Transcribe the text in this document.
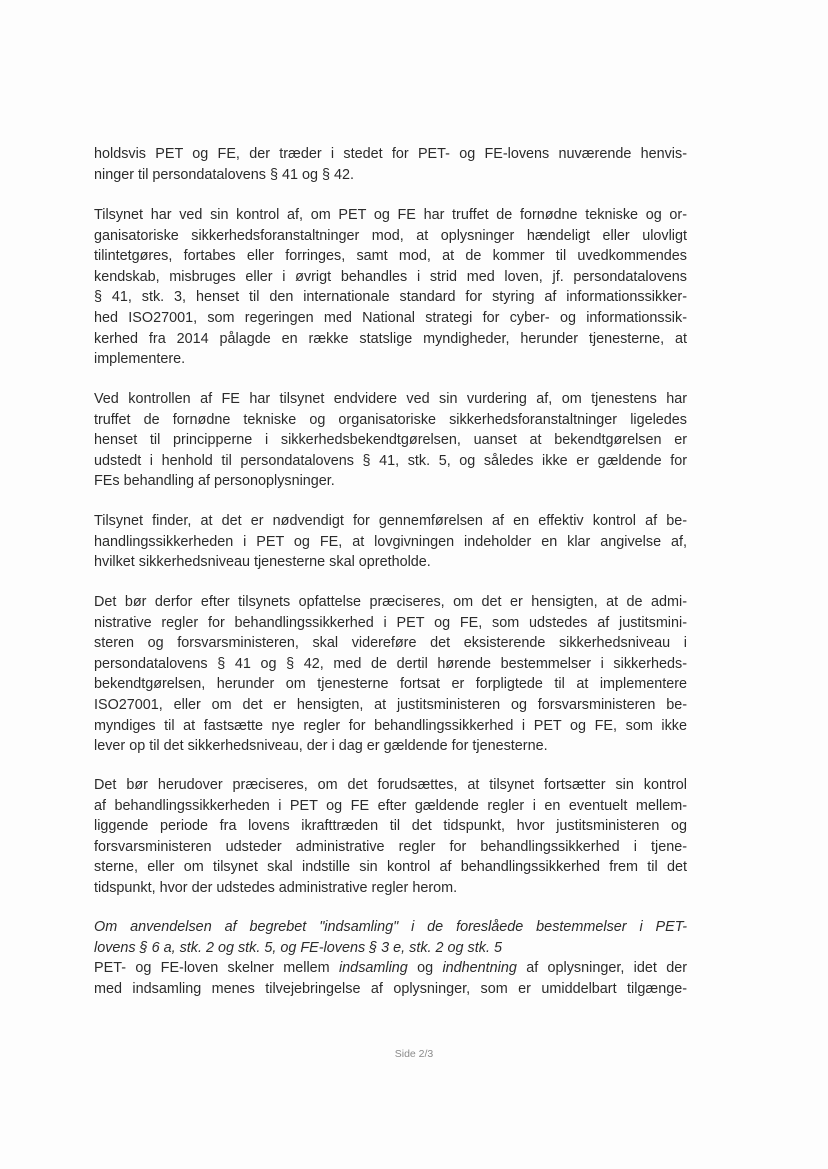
holdsvis PET og FE, der træder i stedet for PET- og FE-lovens nuværende henvis-
ninger til persondatalovens § 41 og § 42.

Tilsynet har ved sin kontrol af, om PET og FE har truffet de fornødne tekniske og or-
ganisatoriske sikkerhedsforanstaltninger mod, at oplysninger hændeligt eller ulovligt
tilintetgøres, fortabes eller forringes, samt mod, at de kommer til uvedkommendes
kendskab, misbruges eller i øvrigt behandles i strid med loven, jf. persondatalovens
§ 41, stk. 3, henset til den internationale standard for styring af informationssikker-
hed ISO27001, som regeringen med National strategi for cyber- og informationssik-
kerhed fra 2014 pålagde en række statslige myndigheder, herunder tjenesterne, at
implementere.

Ved kontrollen af FE har tilsynet endvidere ved sin vurdering af, om tjenestens har
truffet de fornødne tekniske og organisatoriske sikkerhedsforanstaltninger ligeledes
henset til principperne i sikkerhedsbekendtgørelsen, uanset at bekendtgørelsen er
udstedt i henhold til persondatalovens § 41, stk. 5, og således ikke er gældende for
FEs behandling af personoplysninger.

Tilsynet finder, at det er nødvendigt for gennemførelsen af en effektiv kontrol af be-
handlingssikkerheden i PET og FE, at lovgivningen indeholder en klar angivelse af,
hvilket sikkerhedsniveau tjenesterne skal opretholde.

Det bør derfor efter tilsynets opfattelse præciseres, om det er hensigten, at de admi-
nistrative regler for behandlingssikkerhed i PET og FE, som udstedes af justitsmini-
steren og forsvarsministeren, skal videreføre det eksisterende sikkerhedsniveau i
persondatalovens § 41 og § 42, med de dertil hørende bestemmelser i sikkerheds-
bekendtgørelsen, herunder om tjenesterne fortsat er forpligtede til at implementere
ISO27001, eller om det er hensigten, at justitsministeren og forsvarsministeren be-
myndiges til at fastsætte nye regler for behandlingssikkerhed i PET og FE, som ikke
lever op til det sikkerhedsniveau, der i dag er gældende for tjenesterne.

Det bør herudover præciseres, om det forudsættes, at tilsynet fortsætter sin kontrol
af behandlingssikkerheden i PET og FE efter gældende regler i en eventuelt mellem-
liggende periode fra lovens ikrafttræden til det tidspunkt, hvor justitsministeren og
forsvarsministeren udsteder administrative regler for behandlingssikkerhed i tjene-
sterne, eller om tilsynet skal indstille sin kontrol af behandlingssikkerhed frem til det
tidspunkt, hvor der udstedes administrative regler herom.

Om anvendelsen af begrebet "indsamling" i de foreslåede bestemmelser i PET-
lovens § 6 a, stk. 2 og stk. 5, og FE-lovens § 3 e, stk. 2 og stk. 5

PET- og FE-loven skelner mellem indsamling og indhentning af oplysninger, idet der
med indsamling menes tilvejebringelse af oplysninger, som er umiddelbart tilgænge-

Side 2/3
